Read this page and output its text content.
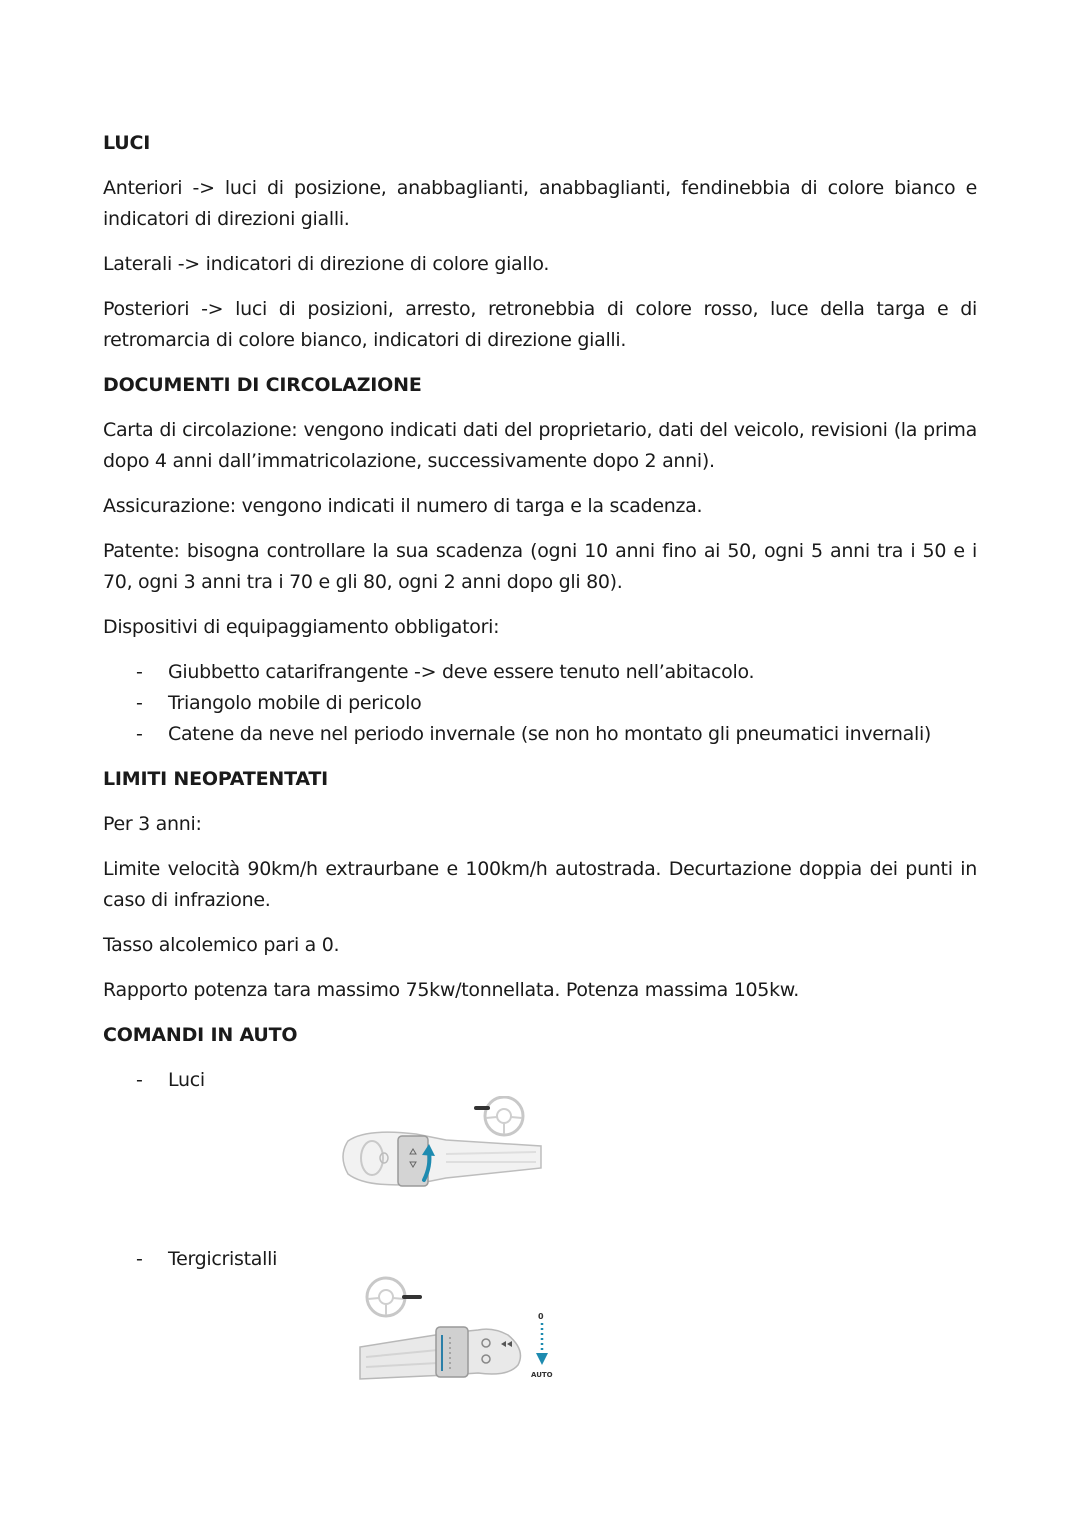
LUCI

Anteriori -> luci di posizione, anabbaglianti, anabbaglianti, fendinebbia di colore bianco e indicatori di direzioni gialli.

Laterali -> indicatori di direzione di colore giallo.

Posteriori -> luci di posizioni, arresto, retronebbia di colore rosso, luce della targa e di retromarcia di colore bianco, indicatori di direzione gialli.

DOCUMENTI DI CIRCOLAZIONE

Carta di circolazione: vengono indicati dati del proprietario, dati del veicolo, revisioni (la prima dopo 4 anni dall’immatricolazione, successivamente dopo 2 anni).

Assicurazione: vengono indicati il numero di targa e la scadenza.

Patente: bisogna controllare la sua scadenza (ogni 10 anni fino ai 50, ogni 5 anni tra i 50 e i 70, ogni 3 anni tra i 70 e gli 80, ogni 2 anni dopo gli 80).

Dispositivi di equipaggiamento obbligatori:

- Giubbetto catarifrangente -> deve essere tenuto nell’abitacolo.
- Triangolo mobile di pericolo
- Catene da neve nel periodo invernale (se non ho montato gli pneumatici invernali)
LIMITI NEOPATENTATI

Per 3 anni:

Limite velocità 90km/h extraurbane e 100km/h autostrada. Decurtazione doppia dei punti in caso di infrazione.

Tasso alcolemico pari a 0.

Rapporto potenza tara massimo 75kw/tonnellata. Potenza massima 105kw.

COMANDI IN AUTO
- Luci
- Tergicristalli
0
AUTO
